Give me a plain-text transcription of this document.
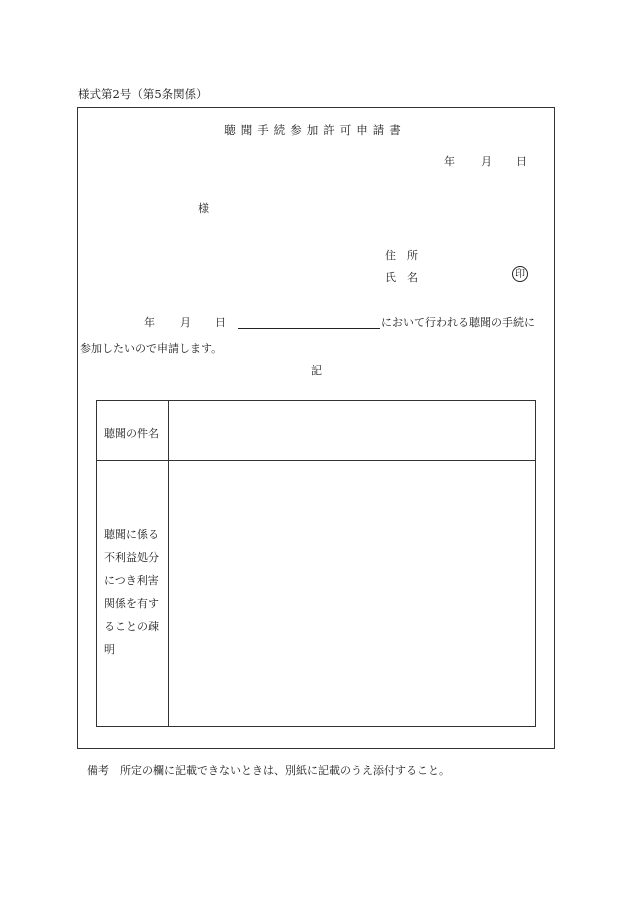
様式第2号（第5条関係）
聴聞手続参加許可申請書
年 月 日
様
住　所
氏　名	印
年 月 日	において行われる聴聞の手続に
参加したいので申請します。
記
聴聞の件名
聴聞に係る
不利益処分
につき利害
関係を有す
ることの疎
明
備考　所定の欄に記載できないときは、別紙に記載のうえ添付すること。
